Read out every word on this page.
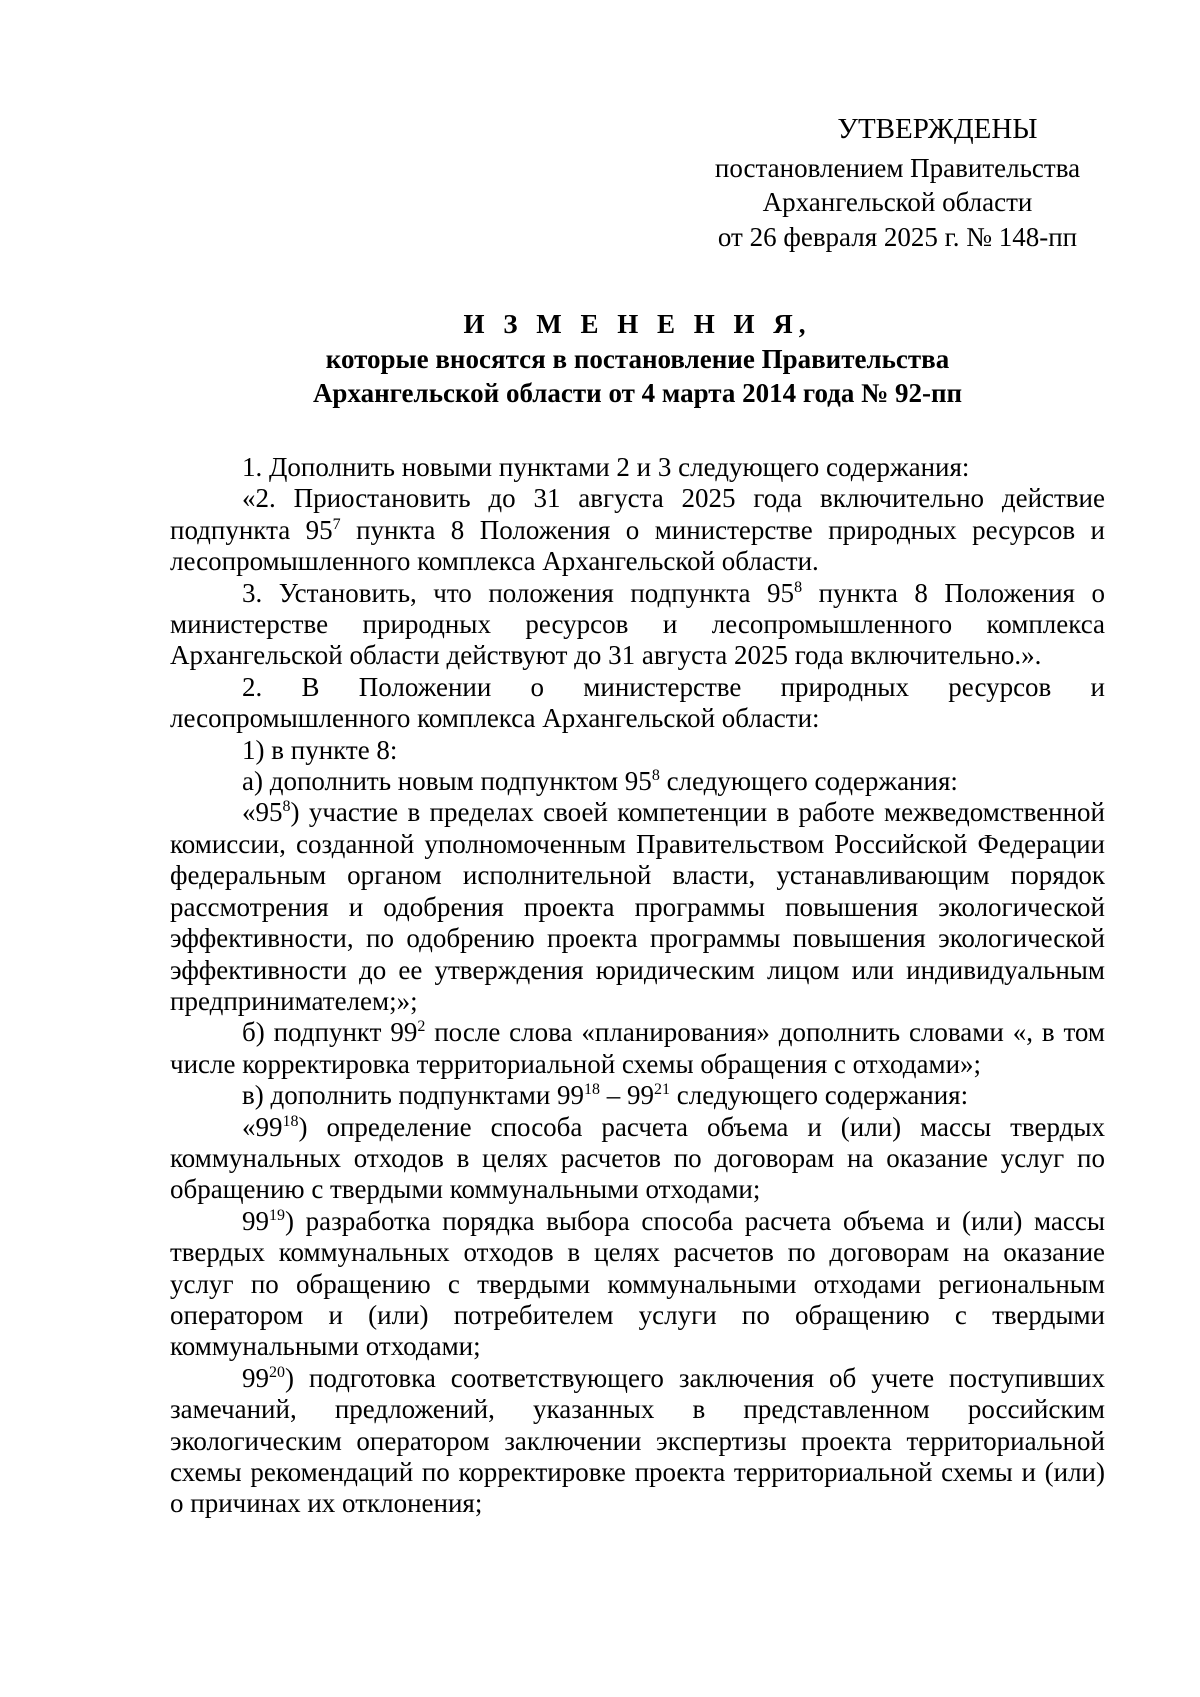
УТВЕРЖДЕНЫ
постановлением Правительства
Архангельской области
от 26 февраля 2025 г. № 148-пп
И З М Е Н Е Н И Я,
которые вносятся в постановление Правительства
Архангельской области от 4 марта 2014 года № 92-пп

1. Дополнить новыми пунктами 2 и 3 следующего содержания:

«2. Приостановить до 31 августа 2025 года включительно действие подпункта $95^7$ пункта 8 Положения о министерстве природных ресурсов и лесопромышленного комплекса Архангельской области.

3. Установить, что положения подпункта $95^8$ пункта 8 Положения о министерстве природных ресурсов и лесопромышленного комплекса Архангельской области действуют до 31 августа 2025 года включительно.».

2. В Положении о министерстве природных ресурсов и лесопромышленного комплекса Архангельской области:

1) в пункте 8:

а) дополнить новым подпунктом $95^8$ следующего содержания:

«$95^8$) участие в пределах своей компетенции в работе межведомственной комиссии, созданной уполномоченным Правительством Российской Федерации федеральным органом исполнительной власти, устанавливающим порядок рассмотрения и одобрения проекта программы повышения экологической эффективности, по одобрению проекта программы повышения экологической эффективности до ее утверждения юридическим лицом или индивидуальным предпринимателем;»;

б) подпункт $99^2$ после слова «планирования» дополнить словами «, в том числе корректировка территориальной схемы обращения с отходами»;

в) дополнить подпунктами $99^{18} - 99^{21}$ следующего содержания:

«$99^{18}$) определение способа расчета объема и (или) массы твердых коммунальных отходов в целях расчетов по договорам на оказание услуг по обращению с твердыми коммунальными отходами;

$99^{19}$) разработка порядка выбора способа расчета объема и (или) массы твердых коммунальных отходов в целях расчетов по договорам на оказание услуг по обращению с твердыми коммунальными отходами региональным оператором и (или) потребителем услуги по обращению с твердыми коммунальными отходами;

$99^{20}$) подготовка соответствующего заключения об учете поступивших замечаний, предложений, указанных в представленном российским экологическим оператором заключении экспертизы проекта территориальной схемы рекомендаций по корректировке проекта территориальной схемы и (или) о причинах их отклонения;
